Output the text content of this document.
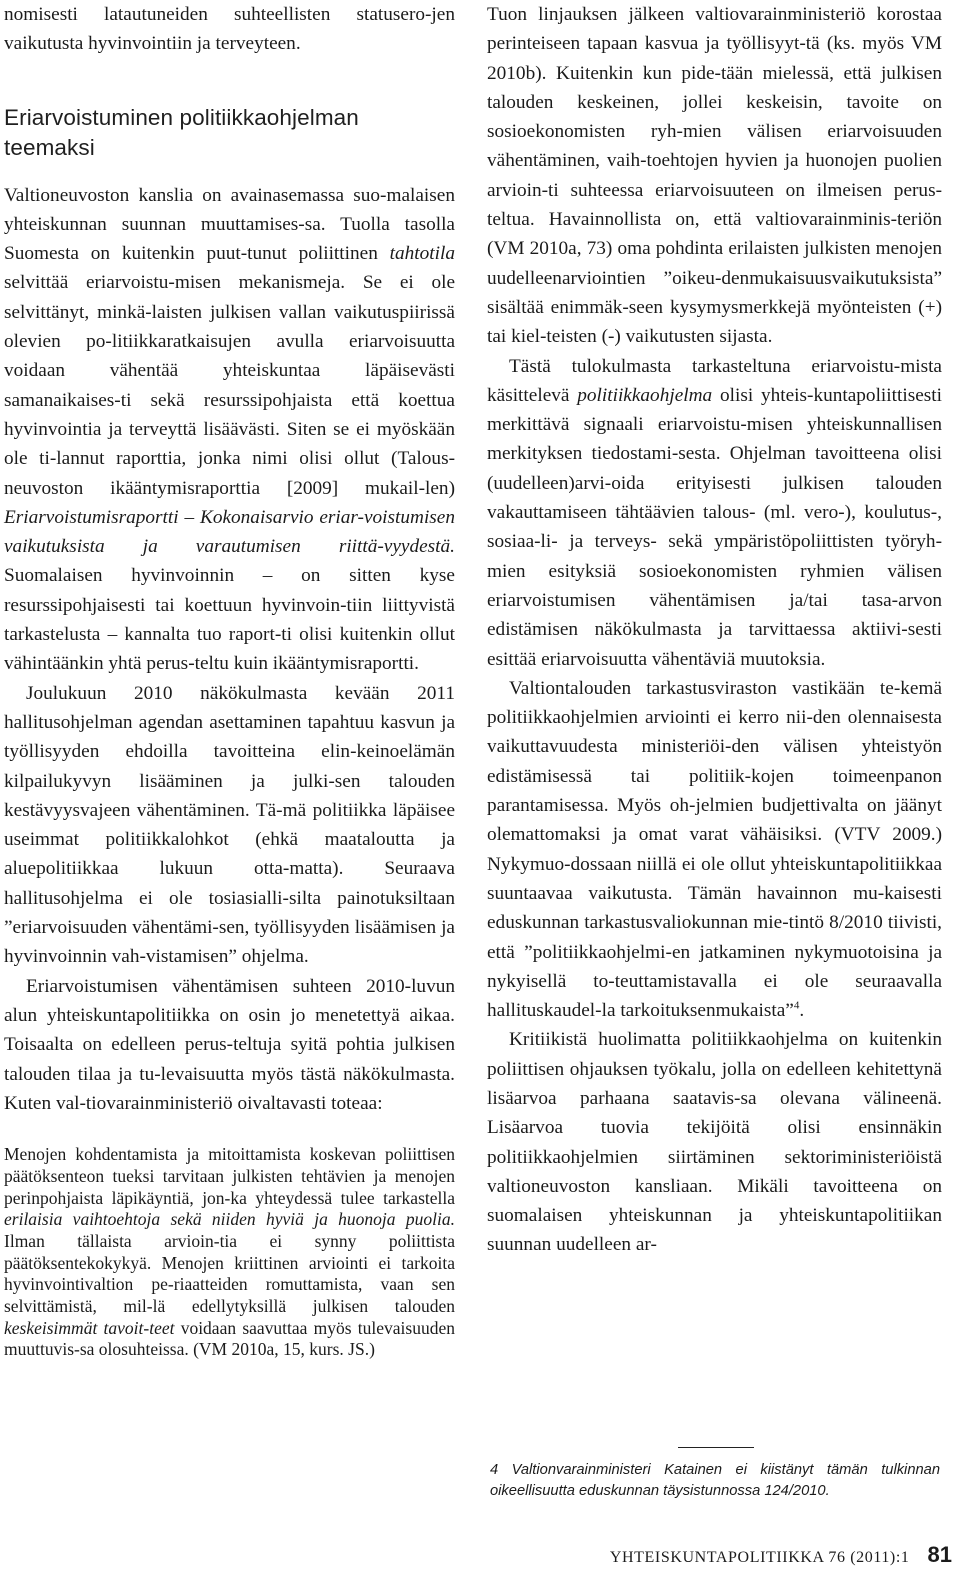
nomisesti latautuneiden suhteellisten statusero-jen vaikutusta hyvinvointiin ja terveyteen.

Eriarvoistuminen politiikkaohjelman teemaksi

Valtioneuvoston kanslia on avainasemassa suo-malaisen yhteiskunnan suunnan muuttamises-sa. Tuolla tasolla Suomesta on kuitenkin puut-tunut poliittinen tahtotila selvittää eriarvoistu-misen mekanismeja. Se ei ole selvittänyt, minkä-laisten julkisen vallan vaikutuspiirissä olevien po-litiikkaratkaisujen avulla eriarvoisuutta voidaan vähentää yhteiskuntaa läpäisevästi samanaikaises-ti sekä resurssipohjaista että koettua hyvinvointia ja terveyttä lisäävästi. Siten se ei myöskään ole ti-lannut raporttia, jonka nimi olisi ollut (Talous-neuvoston ikääntymisraporttia [2009] mukail-len) Eriarvoistumisraportti – Kokonaisarvio eriar-voistumisen vaikutuksista ja varautumisen riittä-vyydestä. Suomalaisen hyvinvoinnin – on sitten kyse resurssipohjaisesti tai koettuun hyvinvoin-tiin liittyvistä tarkastelusta – kannalta tuo raport-ti olisi kuitenkin ollut vähintäänkin yhtä perus-teltu kuin ikääntymisraportti.

Joulukuun 2010 näkökulmasta kevään 2011 hallitusohjelman agendan asettaminen tapahtuu kasvun ja työllisyyden ehdoilla tavoitteina elin-keinoelämän kilpailukyvyn lisääminen ja julki-sen talouden kestävyysvajeen vähentäminen. Tä-mä politiikka läpäisee useimmat politiikkalohkot (ehkä maataloutta ja aluepolitiikkaa lukuun otta-matta). Seuraava hallitusohjelma ei ole tosiasialli-silta painotuksiltaan ”eriarvoisuuden vähentämi-sen, työllisyyden lisäämisen ja hyvinvoinnin vah-vistamisen” ohjelma.

Eriarvoistumisen vähentämisen suhteen 2010-luvun alun yhteiskuntapolitiikka on osin jo menetettyä aikaa. Toisaalta on edelleen perus-teltuja syitä pohtia julkisen talouden tilaa ja tu-levaisuutta myös tästä näkökulmasta. Kuten val-tiovarainministeriö oivaltavasti toteaa:

Menojen kohdentamista ja mitoittamista koskevan poliittisen päätöksenteon tueksi tarvitaan julkisten tehtävien ja menojen perinpohjaista läpikäyntiä, jon-ka yhteydessä tulee tarkastella erilaisia vaihtoehtoja sekä niiden hyviä ja huonoja puolia. Ilman tällaista arvioin-tia ei synny poliittista päätöksentekokykyä. Menojen kriittinen arviointi ei tarkoita hyvinvointivaltion pe-riaatteiden romuttamista, vaan sen selvittämistä, mil-lä edellytyksillä julkisen talouden keskeisimmät tavoit-teet voidaan saavuttaa myös tulevaisuuden muuttuvis-sa olosuhteissa. (VM 2010a, 15, kurs. JS.)

Tuon linjauksen jälkeen valtiovarainministeriö korostaa perinteiseen tapaan kasvua ja työllisyyt-tä (ks. myös VM 2010b). Kuitenkin kun pide-tään mielessä, että julkisen talouden keskeinen, jollei keskeisin, tavoite on sosioekonomisten ryh-mien välisen eriarvoisuuden vähentäminen, vaih-toehtojen hyvien ja huonojen puolien arvioin-ti suhteessa eriarvoisuuteen on ilmeisen perus-teltua. Havainnollista on, että valtiovarainminis-teriön (VM 2010a, 73) oma pohdinta erilaisten julkisten menojen uudelleenarviointien ”oikeu-denmukaisuusvaikutuksista” sisältää enimmäk-seen kysymysmerkkejä myönteisten (+) tai kiel-teisten (-) vaikutusten sijasta.

Tästä tulokulmasta tarkasteltuna eriarvoistu-mista käsittelevä politiikkaohjelma olisi yhteis-kuntapoliittisesti merkittävä signaali eriarvoistu-misen yhteiskunnallisen merkityksen tiedostami-sesta. Ohjelman tavoitteena olisi (uudelleen)arvi-oida erityisesti julkisen talouden vakauttamiseen tähtäävien talous- (ml. vero-), koulutus-, sosiaa-li- ja terveys- sekä ympäristöpoliittisten työryh-mien esityksiä sosioekonomisten ryhmien välisen eriarvoistumisen vähentämisen ja/tai tasa-arvon edistämisen näkökulmasta ja tarvittaessa aktiivi-sesti esittää eriarvoisuutta vähentäviä muutoksia.

Valtiontalouden tarkastusviraston vastikään te-kemä politiikkaohjelmien arviointi ei kerro nii-den olennaisesta vaikuttavuudesta ministeriöi-den välisen yhteistyön edistämisessä tai politiik-kojen toimeenpanon parantamisessa. Myös oh-jelmien budjettivalta on jäänyt olemattomaksi ja omat varat vähäisiksi. (VTV 2009.) Nykymuo-dossaan niillä ei ole ollut yhteiskuntapolitiikkaa suuntaavaa vaikutusta. Tämän havainnon mu-kaisesti eduskunnan tarkastusvaliokunnan mie-tintö 8/2010 tiivisti, että ”politiikkaohjelmi-en jatkaminen nykymuotoisina ja nykyisellä to-teuttamistavalla ei ole seuraavalla hallituskaudel-la tarkoituksenmukaista”$^4$.

Kritiikistä huolimatta politiikkaohjelma on kuitenkin poliittisen ohjauksen työkalu, jolla on edelleen kehitettynä lisäarvoa parhaana saatavis-sa olevana välineenä. Lisäarvoa tuovia tekijöitä olisi ensinnäkin politiikkaohjelmien siirtäminen sektoriministeriöistä valtioneuvoston kansliaan. Mikäli tavoitteena on suomalaisen yhteiskunnan ja yhteiskuntapolitiikan suunnan uudelleen ar-

4 Valtionvarainministeri Katainen ei kiistänyt tämän tulkinnan oikeellisuutta eduskunnan täysistunnossa 124/2010.
YHTEISKUNTAPOLITIIKKA 76 (2011):1 81
